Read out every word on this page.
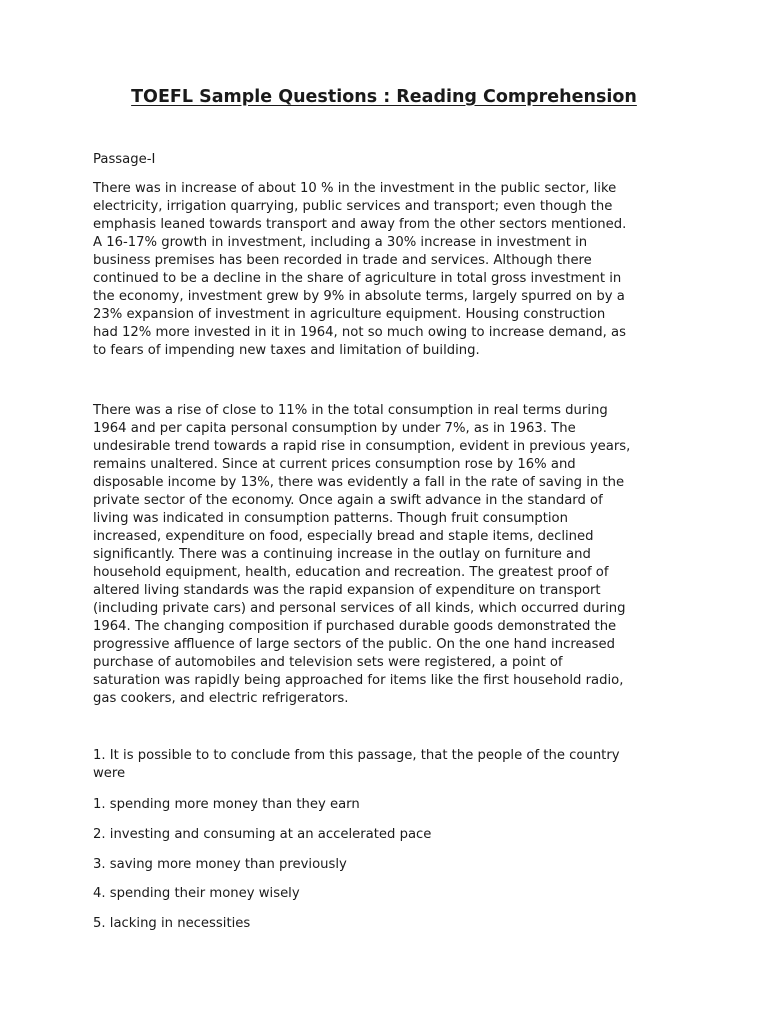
TOEFL Sample Questions : Reading Comprehension

Passage-I

There was in increase of about 10 % in the investment in the public sector, like
electricity, irrigation quarrying, public services and transport; even though the
emphasis leaned towards transport and away from the other sectors mentioned.
A 16-17% growth in investment, including a 30% increase in investment in
business premises has been recorded in trade and services. Although there
continued to be a decline in the share of agriculture in total gross investment in
the economy, investment grew by 9% in absolute terms, largely spurred on by a
23% expansion of investment in agriculture equipment. Housing construction
had 12% more invested in it in 1964, not so much owing to increase demand, as
to fears of impending new taxes and limitation of building.

There was a rise of close to 11% in the total consumption in real terms during
1964 and per capita personal consumption by under 7%, as in 1963. The
undesirable trend towards a rapid rise in consumption, evident in previous years,
remains unaltered. Since at current prices consumption rose by 16% and
disposable income by 13%, there was evidently a fall in the rate of saving in the
private sector of the economy. Once again a swift advance in the standard of
living was indicated in consumption patterns. Though fruit consumption
increased, expenditure on food, especially bread and staple items, declined
significantly. There was a continuing increase in the outlay on furniture and
household equipment, health, education and recreation. The greatest proof of
altered living standards was the rapid expansion of expenditure on transport
(including private cars) and personal services of all kinds, which occurred during
1964. The changing composition if purchased durable goods demonstrated the
progressive affluence of large sectors of the public. On the one hand increased
purchase of automobiles and television sets were registered, a point of
saturation was rapidly being approached for items like the first household radio,
gas cookers, and electric refrigerators.

1. It is possible to to conclude from this passage, that the people of the country
were

1. spending more money than they earn

2. investing and consuming at an accelerated pace

3. saving more money than previously

4. spending their money wisely

5. lacking in necessities
